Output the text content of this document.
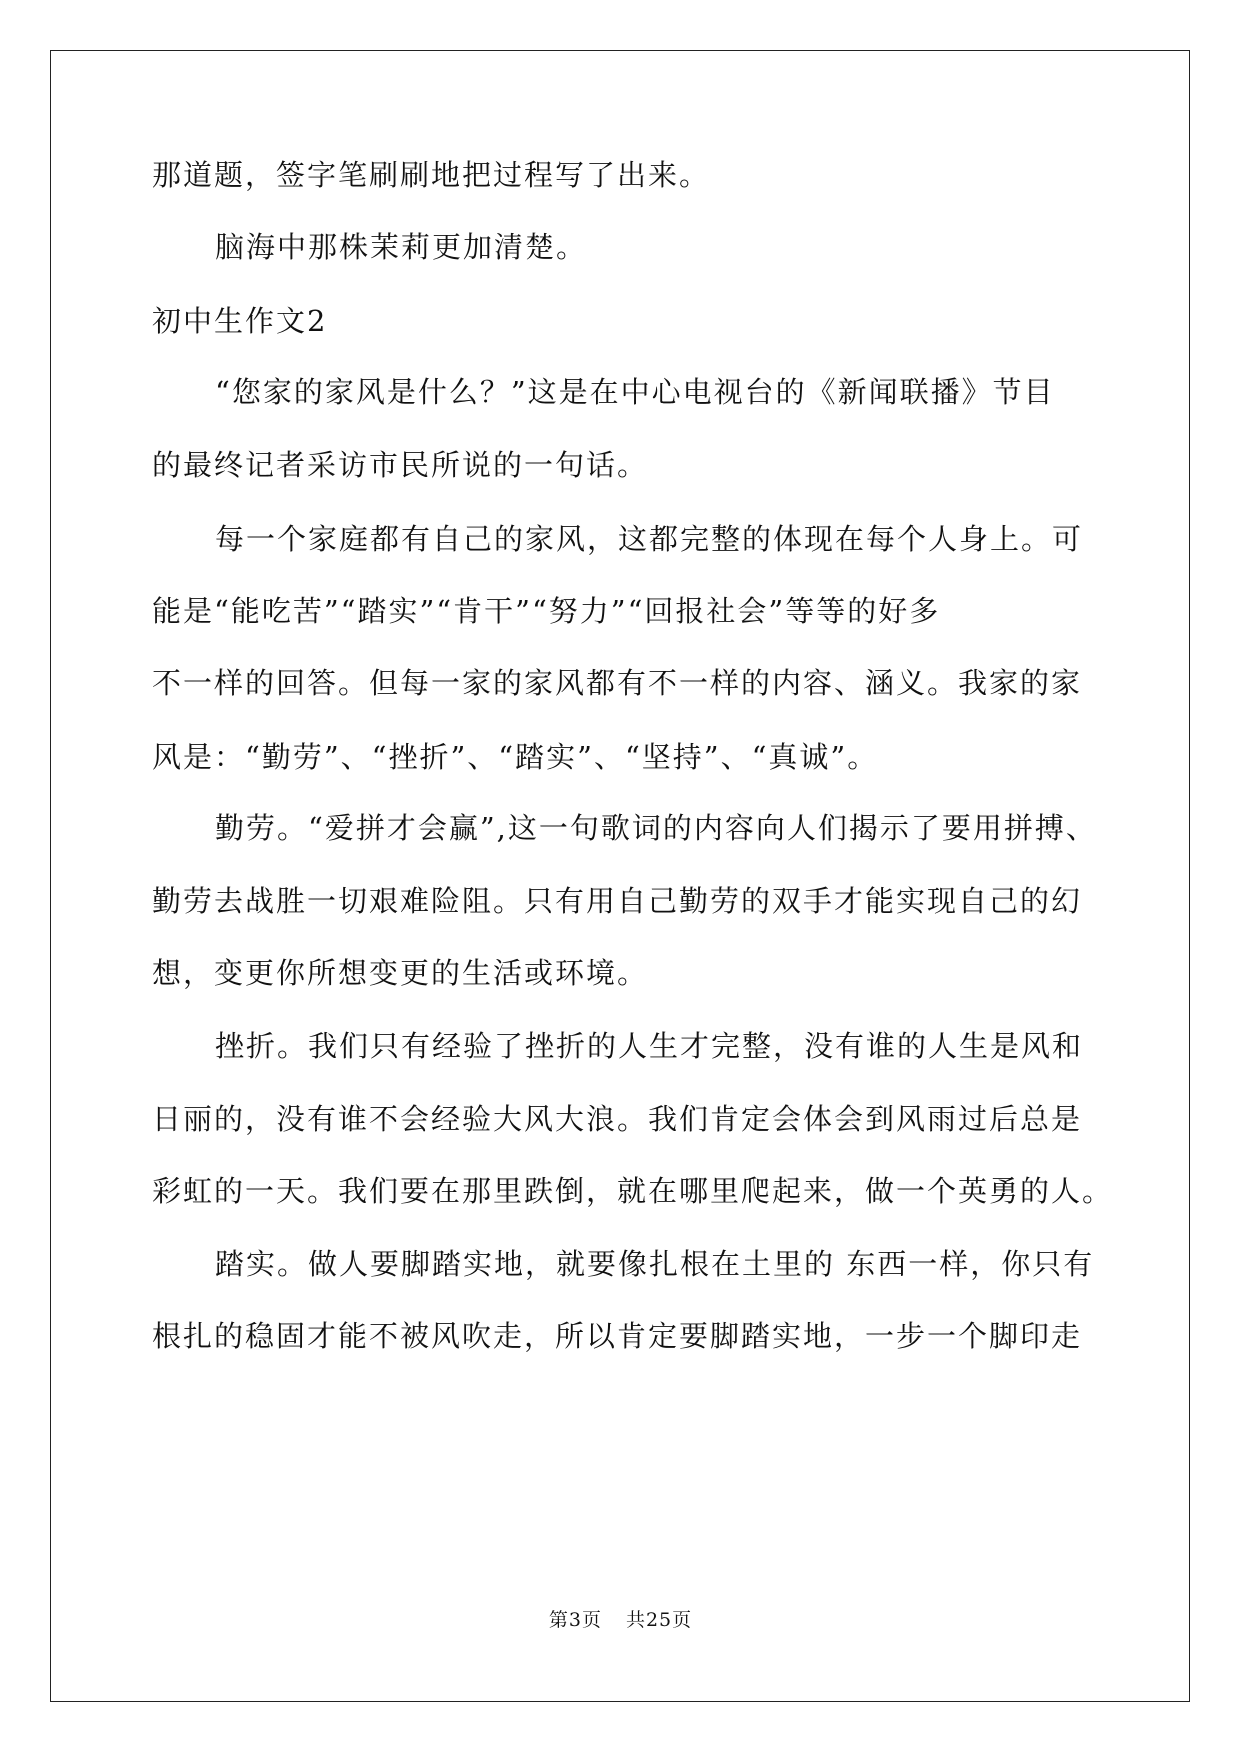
那道题，签字笔刷刷地把过程写了出来。
脑海中那株茉莉更加清楚。
初中生作文2
“您家的家风是什么？”这是在中心电视台的《新闻联播》节目
的最终记者采访市民所说的一句话。
每一个家庭都有自己的家风，这都完整的体现在每个人身上。可
能是“能吃苦”“踏实”“肯干”“努力”“回报社会”等等的好多
不一样的回答。但每一家的家风都有不一样的内容、涵义。我家的家
风是：“勤劳”、“挫折”、“踏实”、“坚持”、“真诚”。
勤劳。“爱拼才会赢”,这一句歌词的内容向人们揭示了要用拼搏、
勤劳去战胜一切艰难险阻。只有用自己勤劳的双手才能实现自己的幻
想，变更你所想变更的生活或环境。
挫折。我们只有经验了挫折的人生才完整，没有谁的人生是风和
日丽的，没有谁不会经验大风大浪。我们肯定会体会到风雨过后总是
彩虹的一天。我们要在那里跌倒，就在哪里爬起来，做一个英勇的人。
踏实。做人要脚踏实地，就要像扎根在土里的 东西一样，你只有
根扎的稳固才能不被风吹走，所以肯定要脚踏实地，一步一个脚印走
第3页 共25页
